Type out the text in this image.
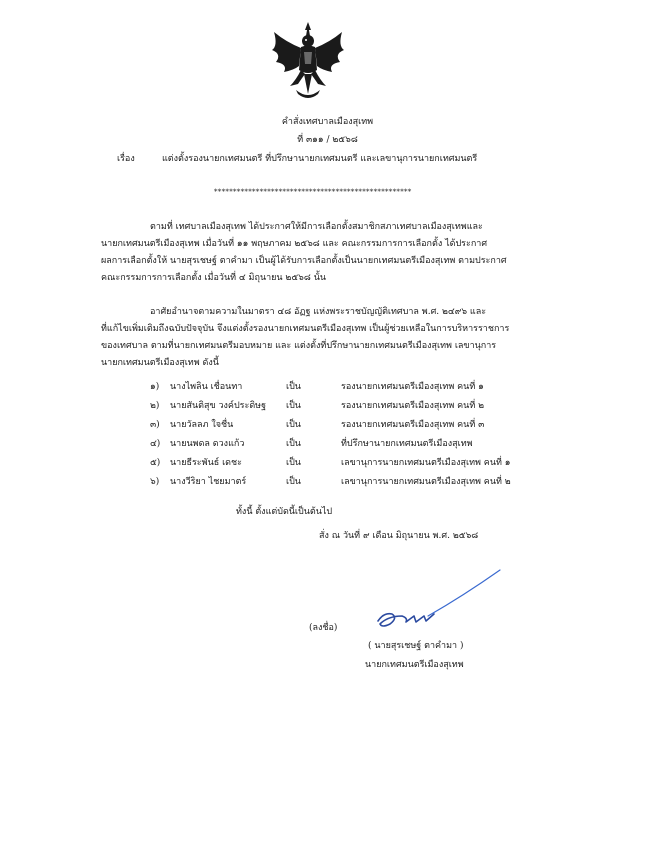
คำสั่งเทศบาลเมืองสุเทพ
ที่ ๓๑๑ / ๒๕๖๘
เรื่อง	แต่งตั้งรองนายกเทศมนตรี ที่ปรึกษานายกเทศมนตรี และเลขานุการนายกเทศมนตรี
****************************************************
ตามที่ เทศบาลเมืองสุเทพ ได้ประกาศให้มีการเลือกตั้งสมาชิกสภาเทศบาลเมืองสุเทพและ
นายกเทศมนตรีเมืองสุเทพ เมื่อวันที่ ๑๑ พฤษภาคม ๒๕๖๘ และ คณะกรรมการการเลือกตั้ง ได้ประกาศ
ผลการเลือกตั้งให้ นายสุรเชษฐ์ ตาคำมา เป็นผู้ได้รับการเลือกตั้งเป็นนายกเทศมนตรีเมืองสุเทพ ตามประกาศ
คณะกรรมการการเลือกตั้ง เมื่อวันที่ ๔ มิถุนายน ๒๕๖๘ นั้น
อาศัยอำนาจตามความในมาตรา ๔๘ อัฏฐ แห่งพระราชบัญญัติเทศบาล พ.ศ. ๒๔๙๖ และ
ที่แก้ไขเพิ่มเติมถึงฉบับปัจจุบัน จึงแต่งตั้งรองนายกเทศมนตรีเมืองสุเทพ เป็นผู้ช่วยเหลือในการบริหารราชการ
ของเทศบาล ตามที่นายกเทศมนตรีมอบหมาย และ แต่งตั้งที่ปรึกษานายกเทศมนตรีเมืองสุเทพ เลขานุการ
นายกเทศมนตรีเมืองสุเทพ ดังนี้
๑) นางไพลิน เชื่อนทา	เป็น	รองนายกเทศมนตรีเมืองสุเทพ คนที่ ๑
๒) นายสันติสุข วงค์ประดิษฐ เป็น	รองนายกเทศมนตรีเมืองสุเทพ คนที่ ๒
๓) นายวัลลภ ใจชื่น	เป็น	รองนายกเทศมนตรีเมืองสุเทพ คนที่ ๓
๔) นายนพดล ดวงแก้ว	เป็น	ที่ปรึกษานายกเทศมนตรีเมืองสุเทพ
๕) นายธีระพันธ์ เดชะ	เป็น	เลขานุการนายกเทศมนตรีเมืองสุเทพ คนที่ ๑
๖) นางวีริยา ไชยมาตร์	เป็น	เลขานุการนายกเทศมนตรีเมืองสุเทพ คนที่ ๒
ทั้งนี้ ตั้งแต่บัดนี้เป็นต้นไป
สั่ง ณ วันที่ ๙ เดือน มิถุนายน พ.ศ. ๒๕๖๘
(ลงชื่อ)
( นายสุรเชษฐ์ ตาคำมา )
นายกเทศมนตรีเมืองสุเทพ
